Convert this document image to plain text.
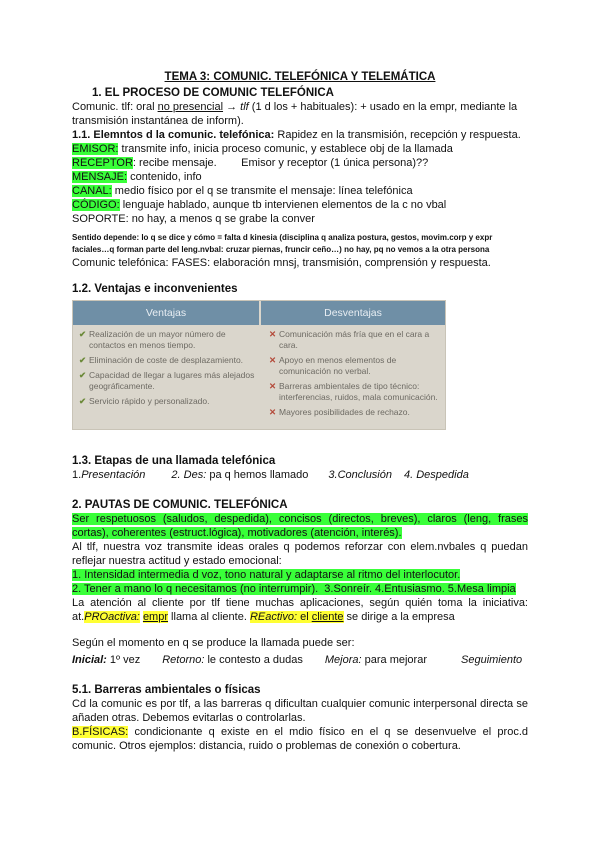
TEMA 3: COMUNIC. TELEFÓNICA Y TELEMÁTICA
1. EL PROCESO DE COMUNIC TELEFÓNICA

Comunic. tlf: oral no presencial → tlf (1 d los + habituales): + usado en la empr, mediante la transmisión instantánea de inform).

1.1. Elemntos d la comunic. telefónica: Rapidez en la transmisión, recepción y respuesta.

EMISOR: transmite info, inicia proceso comunic, y establece obj de la llamada

RECEPTOR: recibe mensaje.        Emisor y receptor (1 única persona)??

MENSAJE: contenido, info

CANAL: medio físico por el q se transmite el mensaje: línea telefónica

CÓDIGO: lenguaje hablado, aunque tb intervienen elementos de la c no vbal

SOPORTE: no hay, a menos q se grabe la conver

Sentido depende: lo q se dice y cómo = falta d kinesia (disciplina q analiza postura, gestos, movim.corp y expr faciales…q forman parte del leng.nvbal: cruzar piernas, fruncir ceño…) no hay, pq no vemos a la otra persona

Comunic telefónica: FASES: elaboración mnsj, transmisión, comprensión y respuesta.

1.2. Ventajas e inconvenientes

Ventajas	Desventajas
✔ Realización de un mayor número de contactos en menos tiempo.
✔ Eliminación de coste de desplazamiento.
✔ Capacidad de llegar a lugares más alejados geográficamente.
✔ Servicio rápido y personalizado.
✕ Comunicación más fría que en el cara a cara.
✕ Apoyo en menos elementos de comunicación no verbal.
✕ Barreras ambientales de tipo técnico: interferencias, ruidos, mala comunicación.
✕ Mayores posibilidades de rechazo.

1.3. Etapas de una llamada telefónica

1.Presentación 2. Des: pa q hemos llamado 3.Conclusión 4. Despedida

2. PAUTAS DE COMUNIC. TELEFÓNICA

Ser respetuosos (saludos, despedida), concisos (directos, breves), claros (leng, frases cortas), coherentes (estruct.lógica), motivadores (atención, interés).

Al tlf, nuestra voz transmite ideas orales q podemos reforzar con elem.nvbales q puedan reflejar nuestra actitud y estado emocional:

1. Intensidad intermedia d voz, tono natural y adaptarse al ritmo del interlocutor.

2. Tener a mano lo q necesitamos (no interrumpir).  3.Sonreír. 4.Entusiasmo. 5.Mesa limpia

La atención al cliente por tlf tiene muchas aplicaciones, según quién toma la iniciativa: at.PROactiva: empr llama al cliente. REactivo: el cliente se dirige a la empresa

Según el momento en q se produce la llamada puede ser:

Inicial: 1º vez Retorno: le contesto a dudas Mejora: para mejorar	Seguimiento

5.1. Barreras ambientales o físicas

Cd la comunic es por tlf, a las barreras q dificultan cualquier comunic interpersonal directa se añaden otras. Debemos evitarlas o controlarlas.

B.FÍSICAS: condicionante q existe en el mdio físico en el q se desenvuelve el proc.d comunic. Otros ejemplos: distancia, ruido o problemas de conexión o cobertura.
